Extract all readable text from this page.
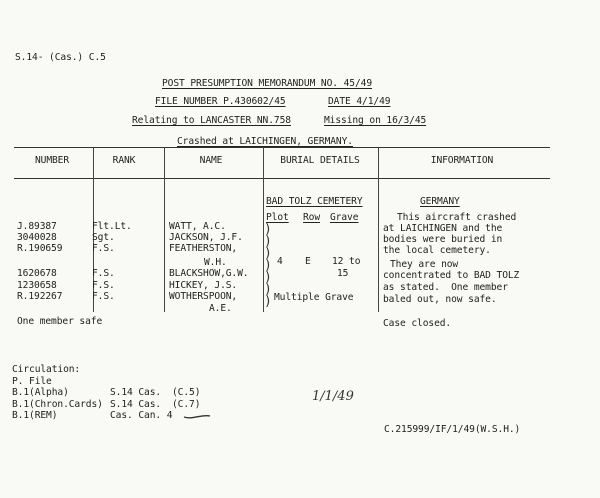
S.14- (Cas.) C.5
POST PRESUMPTION MEMORANDUM NO. 45/49
FILE NUMBER P.430602/45	DATE 4/1/49
Relating to LANCASTER NN.758	Missing on 16/3/45
Crashed at LAICHINGEN, GERMANY.
NUMBER	RANK	NAME	BURIAL DETAILS	INFORMATION
J.89387	Flt.Lt.	WATT, A.C.
3040028	Sgt.	JACKSON, J.F.
R.190659	F.S.	FEATHERSTON,
W.H.
1620678	F.S.	BLACKSHOW,G.W.
1230658	F.S.	HICKEY, J.S.
R.192267	F.S.	WOTHERSPOON,
A.E.
One member safe
BAD TOLZ CEMETERY
Plot Row Grave
)
)
)
)
)
)
)
4 E 12 to
15
Multiple Grave
GERMANY
This aircraft crashed
at LAICHINGEN and the
bodies were buried in
the local cemetery.
They are now
concentrated to BAD TOLZ
as stated.  One member
baled out, now safe.
Case closed.
Circulation:
P. File
B.1(Alpha)	S.14 Cas. (C.5)
B.1(Chron.Cards) S.14 Cas. (C.7)
B.1(REM)	Cas. Can. 4
1/1/49
C.215999/IF/1/49(W.S.H.)
